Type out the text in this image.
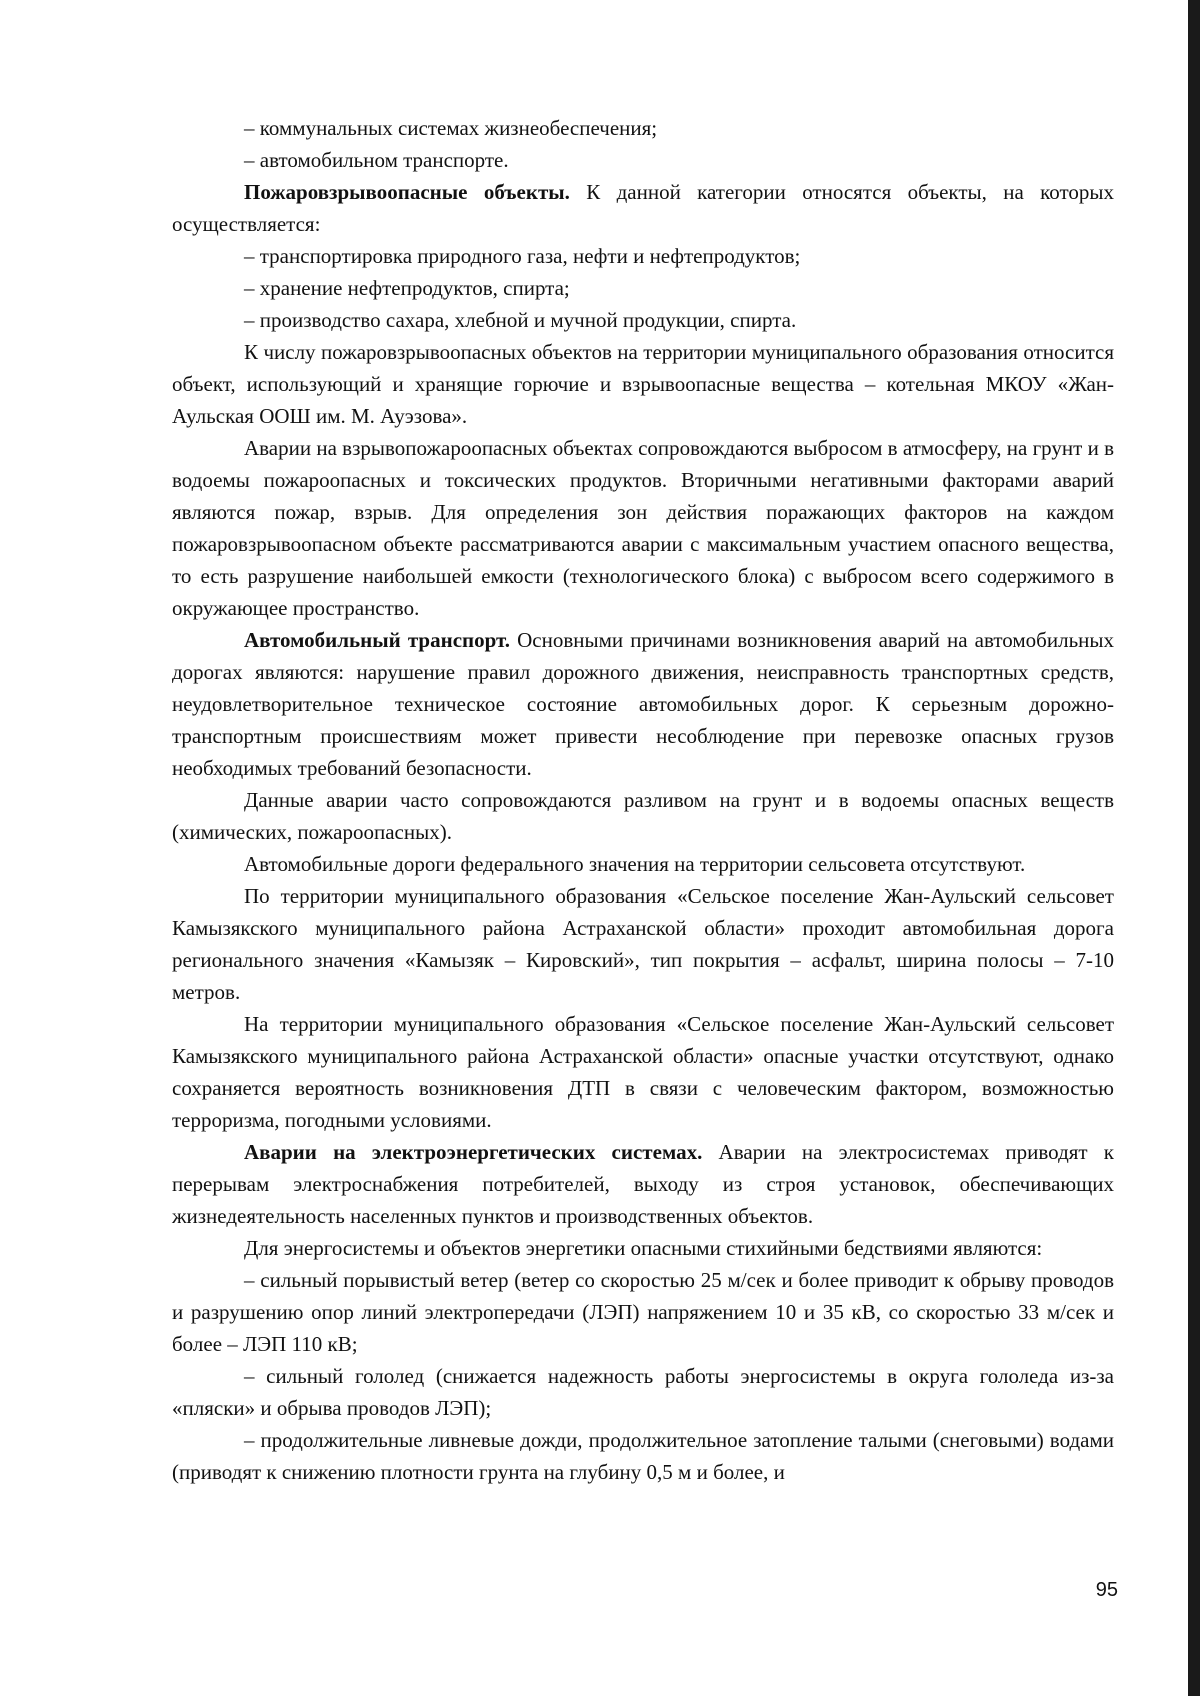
– коммунальных системах жизнеобеспечения;

– автомобильном транспорте.

Пожаровзрывоопасные объекты. К данной категории относятся объекты, на которых осуществляется:

– транспортировка природного газа, нефти и нефтепродуктов;

– хранение нефтепродуктов, спирта;

– производство сахара, хлебной и мучной продукции, спирта.

К числу пожаровзрывоопасных объектов на территории муниципального образования относится объект, использующий и хранящие горючие и взрывоопасные вещества – котельная МКОУ «Жан-Аульская ООШ им. М. Ауэзова».

Аварии на взрывопожароопасных объектах сопровождаются выбросом в атмосферу, на грунт и в водоемы пожароопасных и токсических продуктов. Вторичными негативными факторами аварий являются пожар, взрыв. Для определения зон действия поражающих факторов на каждом пожаровзрывоопасном объекте рассматриваются аварии с максимальным участием опасного вещества, то есть разрушение наибольшей емкости (технологического блока) с выбросом всего содержимого в окружающее пространство.

Автомобильный транспорт. Основными причинами возникновения аварий на автомобильных дорогах являются: нарушение правил дорожного движения, неисправность транспортных средств, неудовлетворительное техническое состояние автомобильных дорог. К серьезным дорожно-транспортным происшествиям может привести несоблюдение при перевозке опасных грузов необходимых требований безопасности.

Данные аварии часто сопровождаются разливом на грунт и в водоемы опасных веществ (химических, пожароопасных).

Автомобильные дороги федерального значения на территории сельсовета отсутствуют.

По территории муниципального образования «Сельское поселение Жан-Аульский сельсовет Камызякского муниципального района Астраханской области» проходит автомобильная дорога регионального значения «Камызяк – Кировский», тип покрытия – асфальт, ширина полосы – 7-10 метров.

На территории муниципального образования «Сельское поселение Жан-Аульский сельсовет Камызякского муниципального района Астраханской области» опасные участки отсутствуют, однако сохраняется вероятность возникновения ДТП в связи с человеческим фактором, возможностью терроризма, погодными условиями.

Аварии на электроэнергетических системах. Аварии на электросистемах приводят к перерывам электроснабжения потребителей, выходу из строя установок, обеспечивающих жизнедеятельность населенных пунктов и производственных объектов.

Для энергосистемы и объектов энергетики опасными стихийными бедствиями являются:

– сильный порывистый ветер (ветер со скоростью 25 м/сек и более приводит к обрыву проводов и разрушению опор линий электропередачи (ЛЭП) напряжением 10 и 35 кВ, со скоростью 33 м/сек и более – ЛЭП 110 кВ;

– сильный гололед (снижается надежность работы энергосистемы в округа гололеда из-за «пляски» и обрыва проводов ЛЭП);

– продолжительные ливневые дожди, продолжительное затопление талыми (снеговыми) водами (приводят к снижению плотности грунта на глубину 0,5 м и более, и

95
